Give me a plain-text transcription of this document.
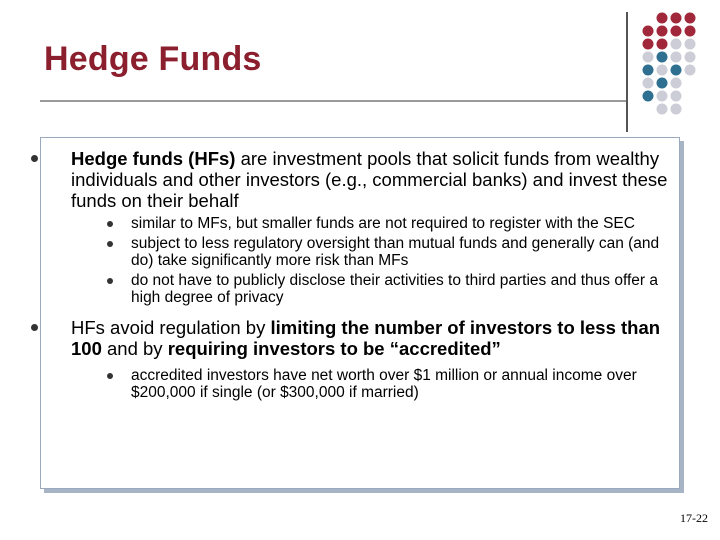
Hedge Funds
Hedge funds (HFs) are investment pools that solicit funds from wealthy individuals and other investors (e.g., commercial banks) and invest these funds on their behalf
similar to MFs, but smaller funds are not required to register with the SEC
subject to less regulatory oversight than mutual funds and generally can (and do) take significantly more risk than MFs
do not have to publicly disclose their activities to third parties and thus offer a high degree of privacy
HFs avoid regulation by limiting the number of investors to less than 100 and by requiring investors to be “accredited”
accredited investors have net worth over $1 million or annual income over $200,000 if single (or $300,000 if married)
17-22
